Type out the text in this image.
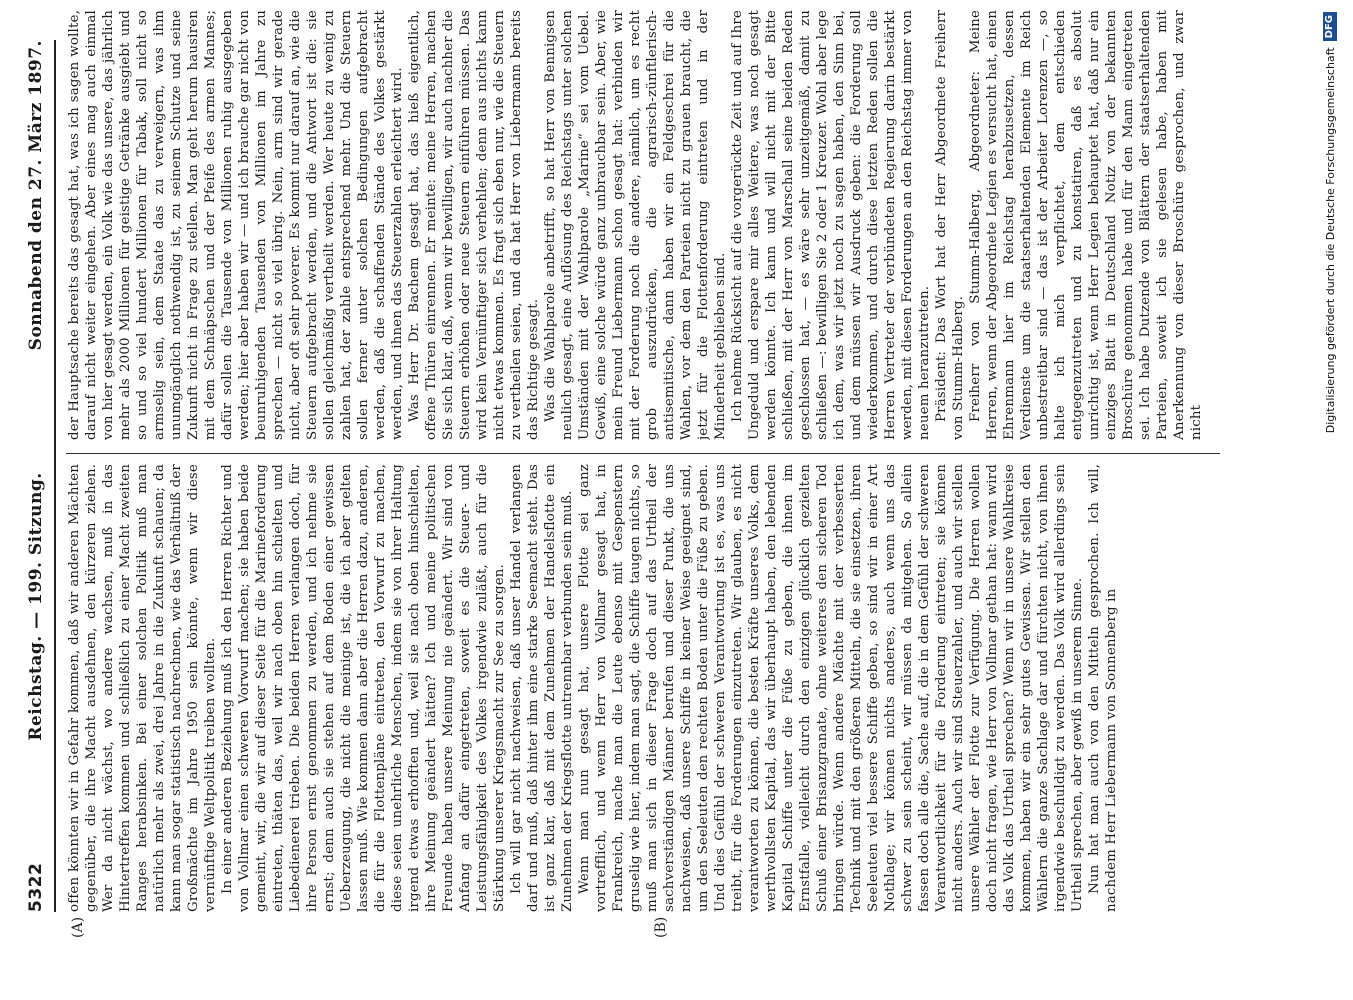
5322
Reichstag. — 199. Sitzung.
Sonnabend den 27. März 1897.
(A)	(B)

offen könnten wir in Gefahr kommen, daß wir anderen Mächten gegenüber, die ihre Macht ausdehnen, den kürzeren ziehen. Wer da nicht wächst, wo andere wachsen, muß in das Hintertreffen kommen und schließlich zu einer Macht zweiten Ranges herabsinken. Bei einer solchen Politik muß man natürlich mehr als zwei, drei Jahre in die Zukunft schauen; da kann man sogar statistisch nachrechnen, wie das Verhältniß der Großmächte im Jahre 1950 sein könnte, wenn wir diese vernünftige Weltpolitik treiben wollten. In einer anderen Beziehung muß ich den Herren Richter und von Vollmar einen schweren Vorwurf machen; sie haben beide gemeint, wir, die wir auf dieser Seite für die Marineforderung eintreten, thäten das, weil wir nach oben hin schielten und Liebedienerei trieben. Die beiden Herren verlangen doch, für ihre Person ernst genommen zu werden, und ich nehme sie ernst; denn auch sie stehen auf dem Boden einer gewissen Ueberzeugung, die nicht die meinige ist, die ich aber gelten lassen muß. Wie kommen dann aber die Herren dazu, anderen, die für die Flottenpläne eintreten, den Vorwurf zu machen, diese seien unehrliche Menschen, indem sie von ihrer Haltung irgend etwas erhofften und, weil sie nach oben hinschielten, ihre Meinung geändert hätten? Ich und meine politischen Freunde haben unsere Meinung nie geändert. Wir sind von Anfang an dafür eingetreten, soweit es die Steuer- und Leistungsfähigkeit des Volkes irgendwie zuläßt, auch für die Stärkung unserer Kriegsmacht zur See zu sorgen. Ich will gar nicht nachweisen, daß unser Handel verlangen darf und muß, daß hinter ihm eine starke Seemacht steht. Das ist ganz klar, daß mit dem Zunehmen der Handelsflotte ein Zunehmen der Kriegsflotte untrennbar verbunden sein muß. Wenn man nun gesagt hat, unsere Flotte sei ganz vortrefflich, und wenn Herr von Vollmar gesagt hat, in Frankreich, mache man die Leute ebenso mit Gespenstern gruselig wie hier, indem man sagt, die Schiffe taugen nichts, so muß man sich in dieser Frage doch auf das Urtheil der sachverständigen Männer berufen und dieser Punkt, die uns nachweisen, daß unsere Schiffe in keiner Weise geeignet sind, um den Seeleuten den rechten Boden unter die Füße zu geben. Und dies Gefühl der schweren Verantwortung ist es, was uns treibt, für die Forderungen einzutreten. Wir glauben, es nicht verantworten zu können, die besten Kräfte unseres Volks, dem werthvollsten Kapital, das wir überhaupt haben, den lebenden Kapital Schiffe unter die Füße zu geben, die ihnen im Ernstfalle, vielleicht durch den einzigen glücklich gezielten Schuß einer Brisanzgranate, ohne weiteres den sicheren Tod bringen würde. Wenn andere Mächte mit der verbesserten Technik und mit den größeren Mitteln, die sie einsetzen, ihren Seeleuten viel bessere Schiffe geben, so sind wir in einer Art Nothlage; wir können nichts anderes, auch wenn uns das schwer zu sein scheint, wir müssen da mitgehen. So allein fassen doch alle die, Sache auf, die in dem Gefühl der schweren Verantwortlichkeit für die Forderung eintreten; sie können nicht anders. Auch wir sind Steuerzahler, und auch wir stellen unsere Wähler der Flotte zur Verfügung. Die Herren wollen doch nicht fragen, wie Herr von Vollmar gethan hat: wann wird das Volk das Urtheil sprechen? Wenn wir in unsere Wahlkreise kommen, haben wir ein sehr gutes Gewissen. Wir stellen den Wählern die ganze Sachlage dar und fürchten nicht, von ihnen irgendwie beschuldigt zu werden. Das Volk wird allerdings sein Urtheil sprechen, aber gewiß in unserem Sinne. Nun hat man auch von den Mitteln gesprochen. Ich will, nachdem Herr Liebermann von Sonnenberg in

der Hauptsache bereits das gesagt hat, was ich sagen wollte, darauf nicht weiter eingehen. Aber eines mag auch einmal von hier gesagt werden, ein Volk wie das unsere, das jährlich mehr als 2000 Millionen für geistige Getränke ausgiebt und so und so viel hundert Millionen für Tabak, soll nicht so armselig sein, dem Staate das zu verweigern, was ihm unumgänglich nothwendig ist, zu seinem Schutze und seine Zukunft nicht in Frage zu stellen. Man geht herum hausiren mit dem Schnäpschen und der Pfeife des armen Mannes; dafür sollen die Tausende von Millionen ruhig ausgegeben werden; hier aber haben wir — und ich brauche gar nicht von beunruhigenden Tausenden von Millionen im Jahre zu sprechen — nicht so viel übrig. Nein, arm sind wir gerade nicht, aber oft sehr poverer. Es kommt nur darauf an, wie die Steuern aufgebracht werden, und die Antwort ist die: sie sollen gleichmäßig vertheilt werden. Wer heute zu wenig zu zahlen hat, der zahle entsprechend mehr. Und die Steuern sollen ferner unter solchen Bedingungen aufgebracht werden, daß die schaffenden Stände des Volkes gestärkt werden, und ihnen das Steuerzahlen erleichtert wird. Was Herr Dr. Bachem gesagt hat, das hieß eigentlich, offene Thüren einrennen. Er meinte: meine Herren, machen Sie sich klar, daß, wenn wir bewilligen, wir auch nachher die Steuern erhöhen oder neue Steuern einführen müssen. Das wird kein Vernünftiger sich verhehlen; denn aus nichts kann nicht etwas kommen. Es fragt sich eben nur, wie die Steuern zu vertheilen seien, und da hat Herr von Liebermann bereits das Richtige gesagt. Was die Wahlparole anbetrifft, so hat Herr von Bennigsen neulich gesagt, eine Auflösung des Reichstags unter solchen Umständen mit der Wahlparole „Marine“ sei vom Uebel. Gewiß, eine solche würde ganz unbrauchbar sein. Aber, wie mein Freund Liebermann schon gesagt hat: verbinden wir mit der Forderung noch die andere, nämlich, um es recht grob auszudrücken, die agrarisch-zünftlerisch-antisemitische, dann haben wir ein Feldgeschrei für die Wahlen, vor dem den Parteien nicht zu grauen braucht, die jetzt für die Flottenforderung eintreten und in der Minderheit geblieben sind. Ich nehme Rücksicht auf die vorgerückte Zeit und auf Ihre Ungeduld und erspare mir alles Weitere, was noch gesagt werden könnte. Ich kann und will nicht mit der Bitte schließen, mit der Herr von Marschall seine beiden Reden geschlossen hat, — es wäre sehr unzeitgemäß, damit zu schließen —: bewilligen Sie 2 oder 1 Kreuzer. Wohl aber lege ich dem, was wir jetzt noch zu sagen haben, den Sinn bei, und dem müssen wir Ausdruck geben: die Forderung soll wiederkommen, und durch diese letzten Reden sollen die Herren Vertreter der verbündeten Regierung darin bestärkt werden, mit diesen Forderungen an den Reichstag immer von neuem heranzutreten. Präsident: Das Wort hat der Herr Abgeordnete Freiherr von Stumm-Halberg. Freiherr von Stumm-Halberg, Abgeordneter: Meine Herren, wenn der Abgeordnete Legien es versucht hat, einen Ehrenmann hier im Reichstag herabzusetzen, dessen Verdienste um die staatserhaltenden Elemente im Reich unbestreitbar sind — das ist der Arbeiter Lorenzen —, so halte ich mich verpflichtet, dem entschieden entgegenzutreten und zu konstatiren, daß es absolut unrichtig ist, wenn Herr Legien behauptet hat, daß nur ein einziges Blatt in Deutschland Notiz von der bekannten Broschüre genommen habe und für den Mann eingetreten sei. Ich habe Dutzende von Blättern der staatserhaltenden Parteien, soweit ich sie gelesen habe, haben mit Anerkennung von dieser Broschüre gesprochen, und zwar nicht	Digitalisierung gefördert durch die Deutsche Forschungsgemeinschaft
DFG
